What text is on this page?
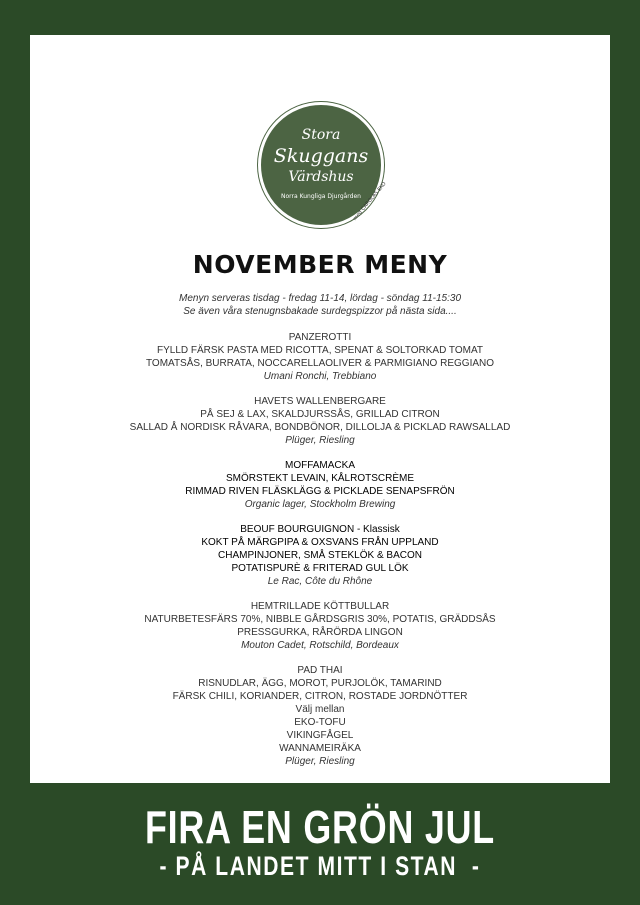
Stora
Skuggans
Värdshus
Norra Kungliga Djurgården
med CAROLAS EKO
NOVEMBER MENY
Menyn serveras tisdag - fredag 11-14, lördag - söndag 11-15:30
Se även våra stenugnsbakade surdegspizzor på nästa sida....
PANZEROTTI
FYLLD FÄRSK PASTA MED RICOTTA, SPENAT & SOLTORKAD TOMAT
TOMATSÅS, BURRATA, NOCCARELLAOLIVER & PARMIGIANO REGGIANO
Umani Ronchi, Trebbiano
HAVETS WALLENBERGARE
PÅ SEJ & LAX, SKALDJURSSÅS, GRILLAD CITRON
SALLAD Å NORDISK RÅVARA, BONDBÖNOR, DILLOLJA & PICKLAD RAWSALLAD
Plüger, Riesling
MOFFAMACKA
SMÖRSTEKT LEVAIN, KÅLROTSCRÈME
RIMMAD RIVEN FLÄSKLÄGG & PICKLADE SENAPSFRÖN
Organic lager, Stockholm Brewing
BEOUF BOURGUIGNON - Klassisk
KOKT PÅ MÄRGPIPA & OXSVANS FRÅN UPPLAND
CHAMPINJONER, SMÅ STEKLÖK & BACON
POTATISPURÈ & FRITERAD GUL LÖK
Le Rac, Côte du Rhône
HEMTRILLADE KÖTTBULLAR
NATURBETESFÄRS 70%, NIBBLE GÅRDSGRIS 30%, POTATIS, GRÄDDSÅS
PRESSGURKA, RÅRÖRDA LINGON
Mouton Cadet, Rotschild, Bordeaux
PAD THAI
RISNUDLAR, ÄGG, MOROT, PURJOLÖK, TAMARIND
FÄRSK CHILI, KORIANDER, CITRON, ROSTADE JORDNÖTTER
Välj mellan
EKO-TOFU
VIKINGFÅGEL
WANNAMEIRÄKA
Plüger, Riesling
FIRA EN GRÖN JUL
- PÅ LANDET MITT I STAN  -
